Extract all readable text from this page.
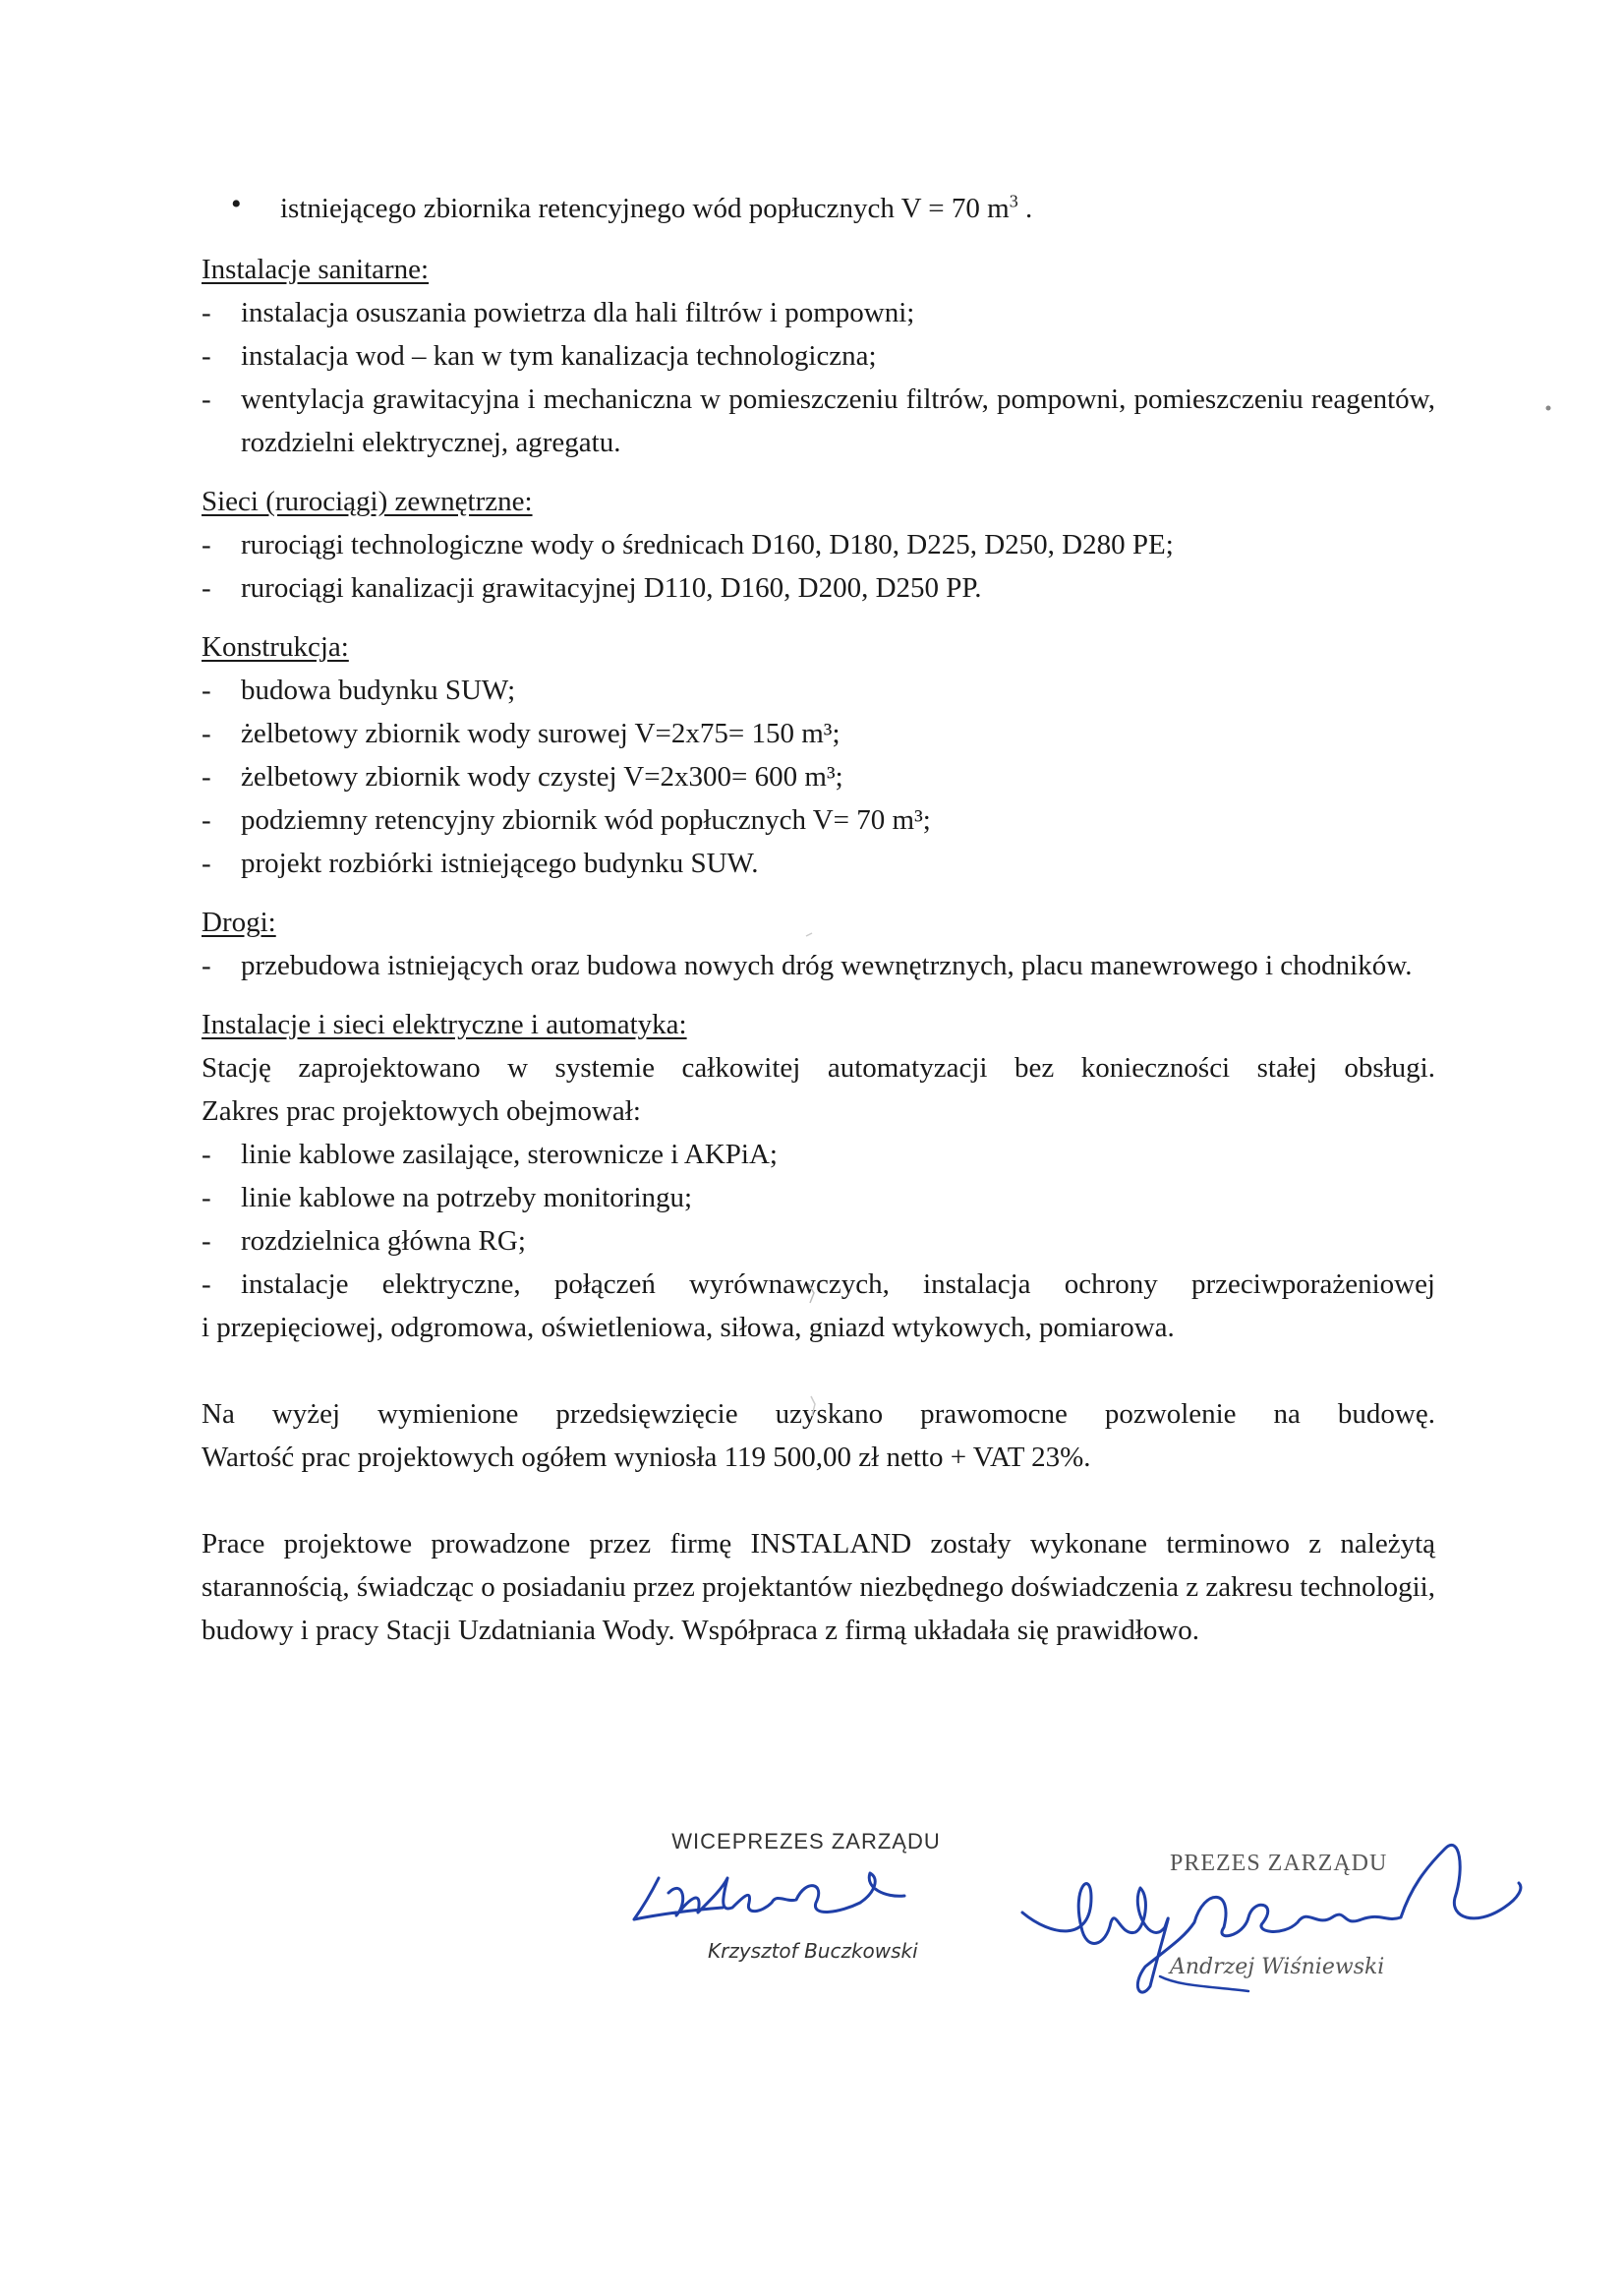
• istniejącego zbiornika retencyjnego wód popłucznych V = 70 $m^3$ .
Instalacje sanitarne:
- instalacja osuszania powietrza dla hali filtrów i pompowni;
- instalacja wod – kan w tym kanalizacja technologiczna;
- wentylacja grawitacyjna i mechaniczna w pomieszczeniu filtrów, pompowni, pomieszczeniu reagentów, rozdzielni elektrycznej, agregatu.
Sieci (rurociągi) zewnętrzne:
- rurociągi technologiczne wody o średnicach D160, D180, D225, D250, D280 PE;
- rurociągi kanalizacji grawitacyjnej D110, D160, D200, D250 PP.
Konstrukcja:
- budowa budynku SUW;
- żelbetowy zbiornik wody surowej V=2x75= 150 m³;
- żelbetowy zbiornik wody czystej V=2x300= 600 m³;
- podziemny retencyjny zbiornik wód popłucznych V= 70 m³;
- projekt rozbiórki istniejącego budynku SUW.
Drogi:
- przebudowa istniejących oraz budowa nowych dróg wewnętrznych, placu manewrowego i chodników.
Instalacje i sieci elektryczne i automatyka:
Stację zaprojektowano w systemie całkowitej automatyzacji bez konieczności stałej obsługi.
Zakres prac projektowych obejmował:
- linie kablowe zasilające, sterownicze i AKPiA;
- linie kablowe na potrzeby monitoringu;
- rozdzielnica główna RG;
- instalacje elektryczne, połączeń wyrównawczych, instalacja ochrony przeciwporażeniowej
i przepięciowej, odgromowa, oświetleniowa, siłowa, gniazd wtykowych, pomiarowa.
Na wyżej wymienione przedsięwzięcie uzyskano prawomocne pozwolenie na budowę.
Wartość prac projektowych ogółem wyniosła 119 500,00 zł netto + VAT 23%.
Prace projektowe prowadzone przez firmę INSTALAND zostały wykonane terminowo z należytą starannością, świadcząc o posiadaniu przez projektantów niezbędnego doświadczenia z zakresu technologii, budowy i pracy Stacji Uzdatniania Wody. Współpraca z firmą układała się prawidłowo.
WICEPREZES ZARZĄDU
Krzysztof Buczkowski
PREZES ZARZĄDU
Andrzej Wiśniewski
